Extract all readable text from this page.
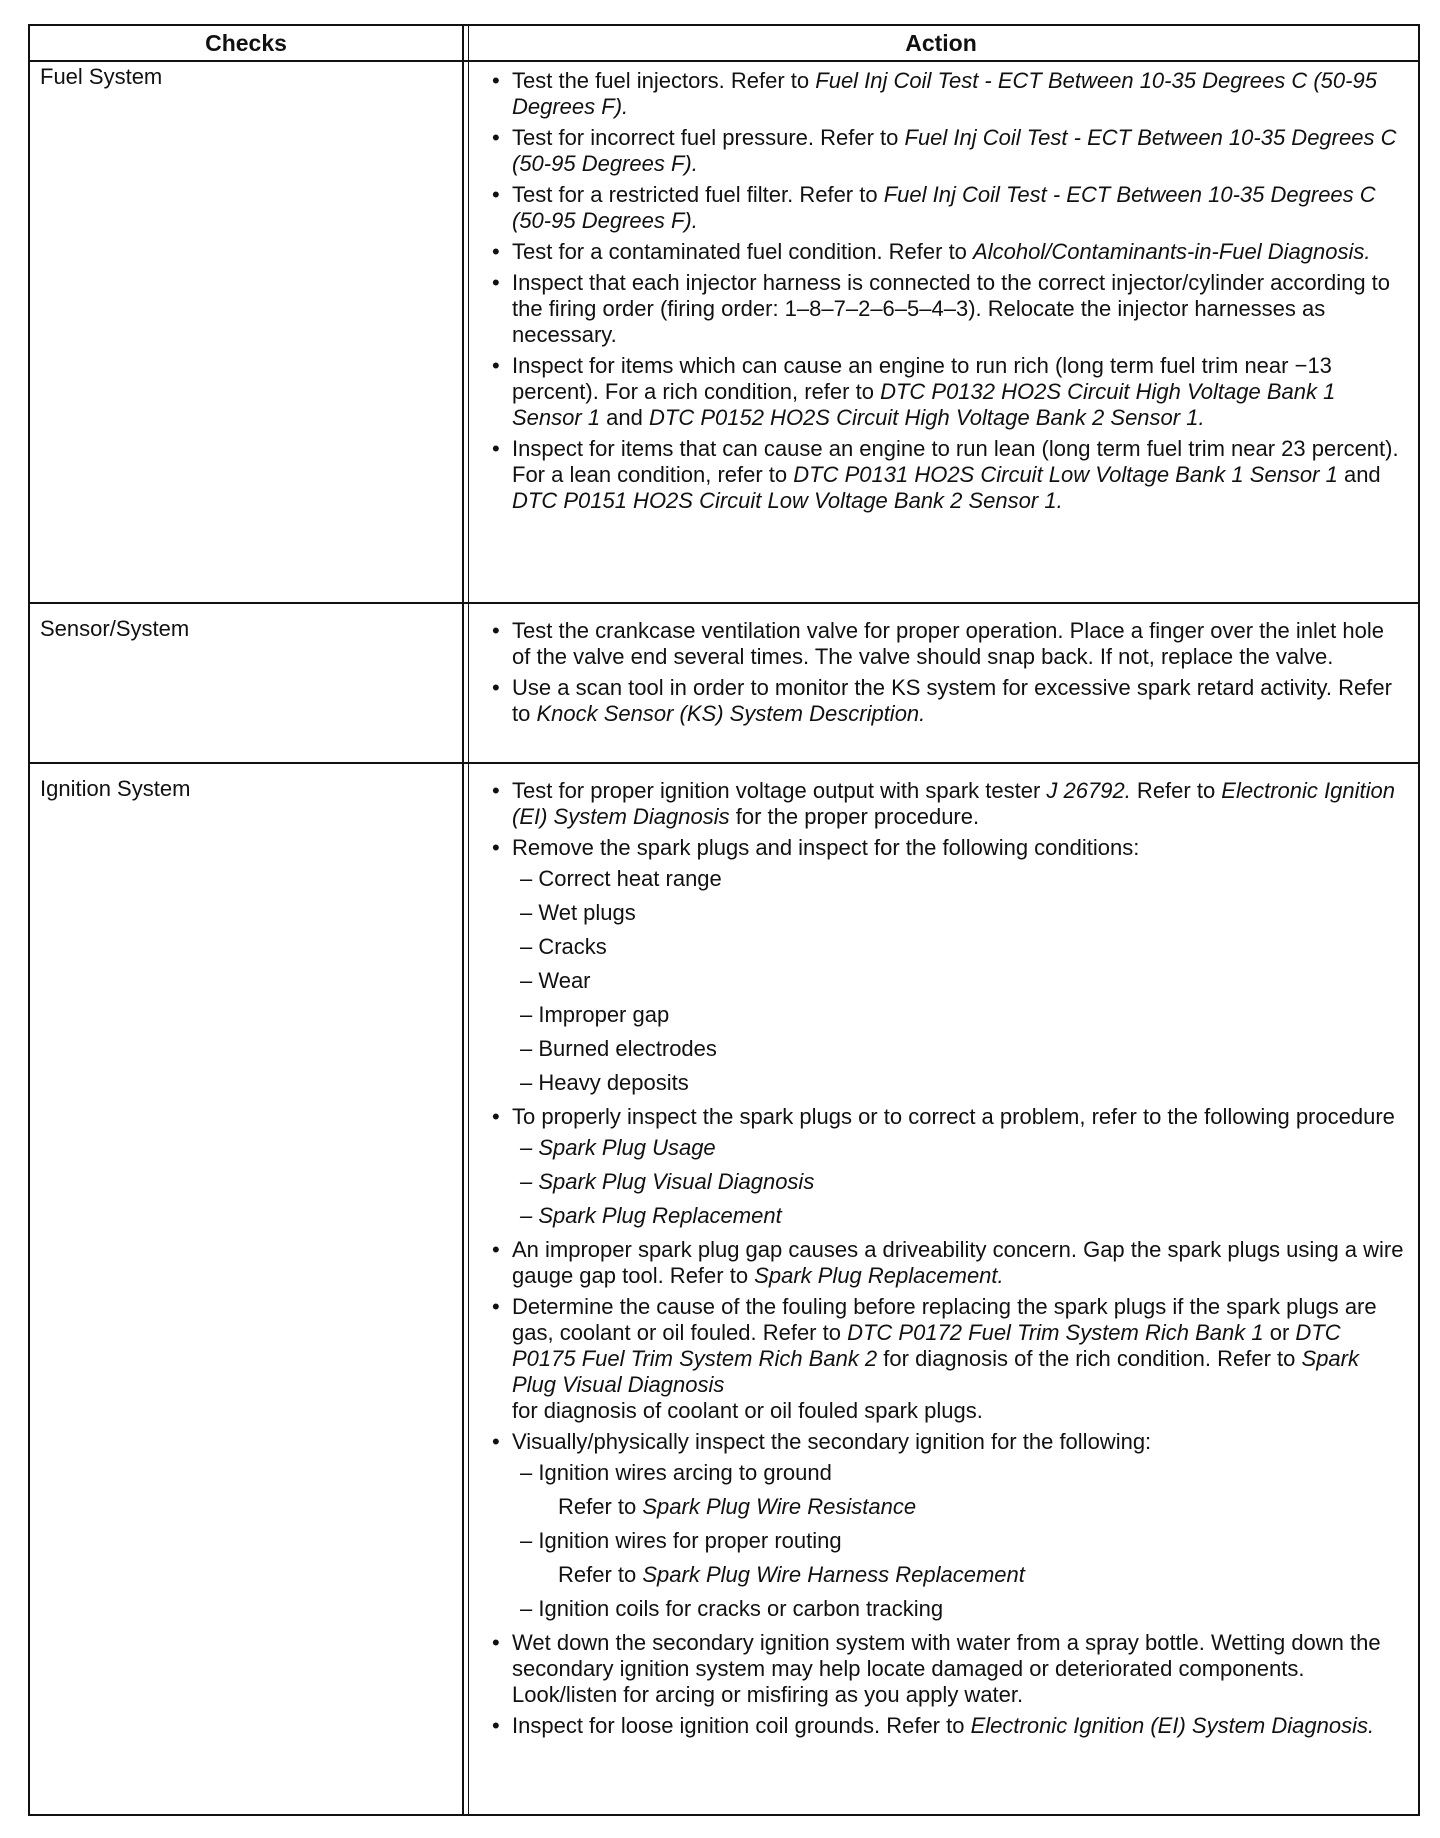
Checks	Action
Fuel System
Sensor/System
Ignition System
• Test the fuel injectors. Refer to Fuel Inj Coil Test - ECT Between 10-35 Degrees C (50-95 Degrees F).
• Test for incorrect fuel pressure. Refer to Fuel Inj Coil Test - ECT Between 10-35 Degrees C (50-95 Degrees F).
• Test for a restricted fuel filter. Refer to Fuel Inj Coil Test - ECT Between 10-35 Degrees C (50-95 Degrees F).
• Test for a contaminated fuel condition. Refer to Alcohol/Contaminants-in-Fuel Diagnosis.
• Inspect that each injector harness is connected to the correct injector/cylinder according to the firing order (firing order: 1–8–7–2–6–5–4–3). Relocate the injector harnesses as necessary.
• Inspect for items which can cause an engine to run rich (long term fuel trim near −13 percent). For a rich condition, refer to DTC P0132 HO2S Circuit High Voltage Bank 1 Sensor 1 and DTC P0152 HO2S Circuit High Voltage Bank 2 Sensor 1.
• Inspect for items that can cause an engine to run lean (long term fuel trim near 23 percent). For a lean condition, refer to DTC P0131 HO2S Circuit Low Voltage Bank 1 Sensor 1 and DTC P0151 HO2S Circuit Low Voltage Bank 2 Sensor 1.
• Test the crankcase ventilation valve for proper operation. Place a finger over the inlet hole of the valve end several times. The valve should snap back. If not, replace the valve.
• Use a scan tool in order to monitor the KS system for excessive spark retard activity. Refer to Knock Sensor (KS) System Description.
• Test for proper ignition voltage output with spark tester J 26792. Refer to Electronic Ignition (EI) System Diagnosis for the proper procedure.
• Remove the spark plugs and inspect for the following conditions:
– Correct heat range
– Wet plugs
– Cracks
– Wear
– Improper gap
– Burned electrodes
– Heavy deposits
• To properly inspect the spark plugs or to correct a problem, refer to the following procedure
– Spark Plug Usage
– Spark Plug Visual Diagnosis
– Spark Plug Replacement
• An improper spark plug gap causes a driveability concern. Gap the spark plugs using a wire gauge gap tool. Refer to Spark Plug Replacement.
• Determine the cause of the fouling before replacing the spark plugs if the spark plugs are gas, coolant or oil fouled. Refer to DTC P0172 Fuel Trim System Rich Bank 1 or DTC P0175 Fuel Trim System Rich Bank 2 for diagnosis of the rich condition. Refer to Spark Plug Visual Diagnosis
for diagnosis of coolant or oil fouled spark plugs.
• Visually/physically inspect the secondary ignition for the following:
– Ignition wires arcing to ground
Refer to Spark Plug Wire Resistance
– Ignition wires for proper routing
Refer to Spark Plug Wire Harness Replacement
– Ignition coils for cracks or carbon tracking
• Wet down the secondary ignition system with water from a spray bottle. Wetting down the secondary ignition system may help locate damaged or deteriorated components. Look/listen for arcing or misfiring as you apply water.
• Inspect for loose ignition coil grounds. Refer to Electronic Ignition (EI) System Diagnosis.
